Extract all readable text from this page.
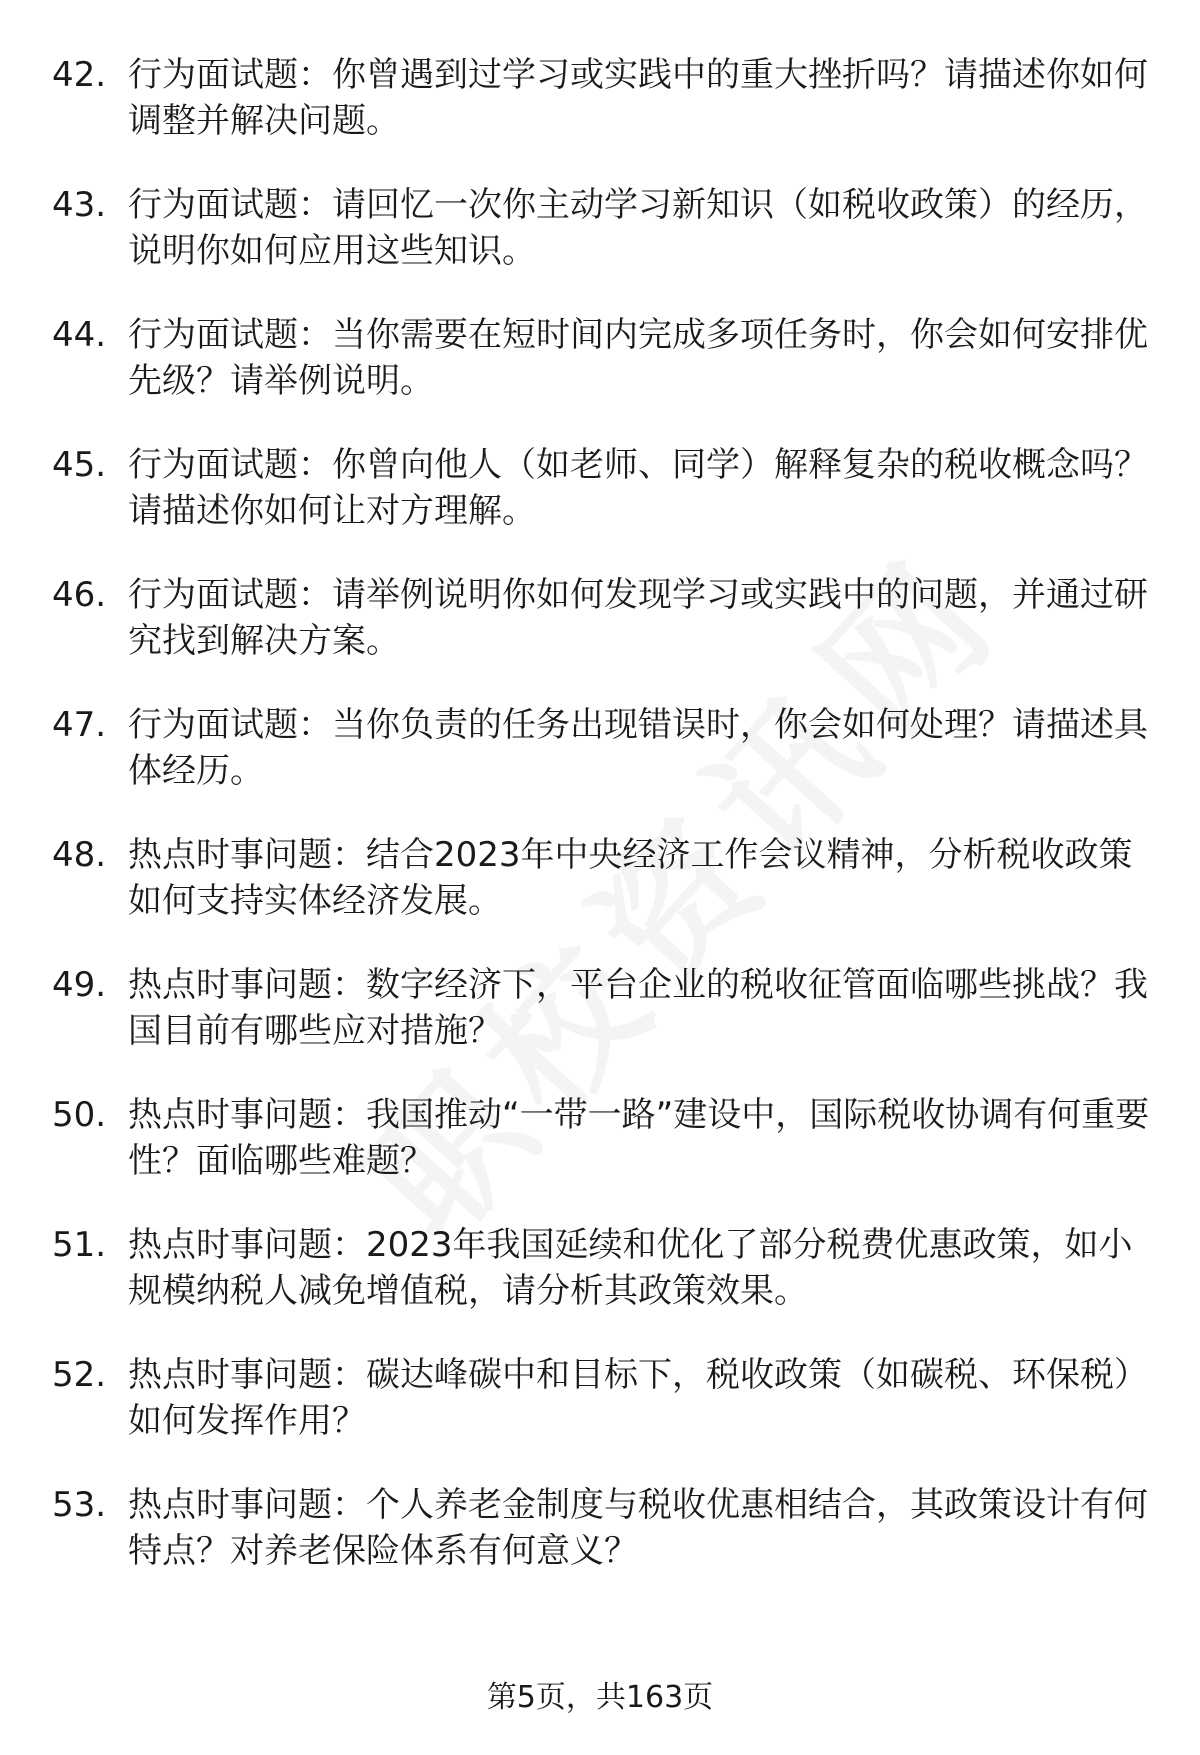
42. 行为面试题：你曾遇到过学习或实践中的重大挫折吗？请描述你如何调整并解决问题。
43. 行为面试题：请回忆一次你主动学习新知识（如税收政策）的经历，说明你如何应用这些知识。
44. 行为面试题：当你需要在短时间内完成多项任务时，你会如何安排优先级？请举例说明。
45. 行为面试题：你曾向他人（如老师、同学）解释复杂的税收概念吗？请描述你如何让对方理解。
46. 行为面试题：请举例说明你如何发现学习或实践中的问题，并通过研究找到解决方案。
47. 行为面试题：当你负责的任务出现错误时，你会如何处理？请描述具体经历。
48. 热点时事问题：结合2023年中央经济工作会议精神，分析税收政策如何支持实体经济发展。
49. 热点时事问题：数字经济下，平台企业的税收征管面临哪些挑战？我国目前有哪些应对措施？
50. 热点时事问题：我国推动“一带一路”建设中，国际税收协调有何重要性？面临哪些难题？
51. 热点时事问题：2023年我国延续和优化了部分税费优惠政策，如小规模纳税人减免增值税，请分析其政策效果。
52. 热点时事问题：碳达峰碳中和目标下，税收政策（如碳税、环保税）如何发挥作用？
53. 热点时事问题：个人养老金制度与税收优惠相结合，其政策设计有何特点？对养老保险体系有何意义？
第5页，共163页
